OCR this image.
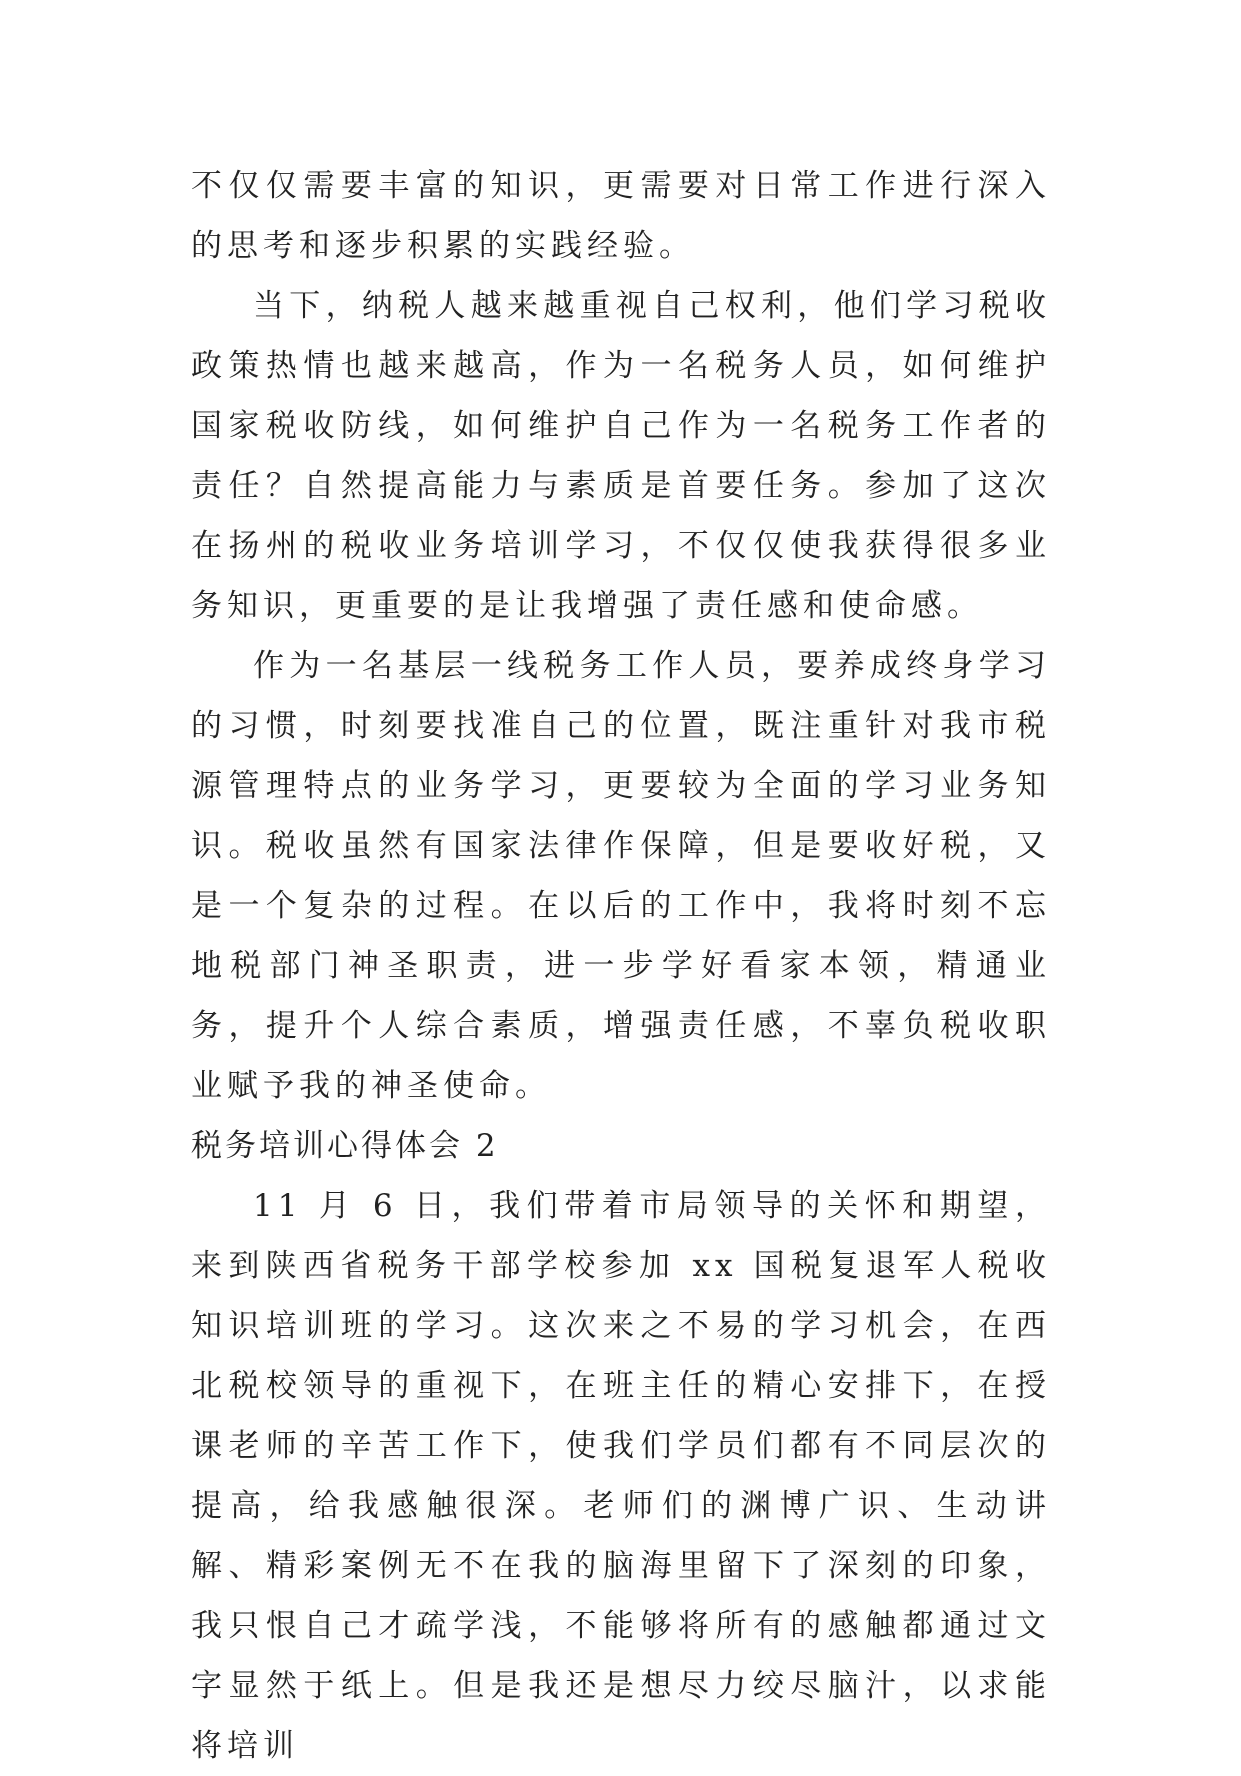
不仅仅需要丰富的知识，更需要对日常工作进行深入的思考和逐步积累的实践经验。

当下，纳税人越来越重视自己权利，他们学习税收政策热情也越来越高，作为一名税务人员，如何维护国家税收防线，如何维护自己作为一名税务工作者的责任？自然提高能力与素质是首要任务。参加了这次在扬州的税收业务培训学习，不仅仅使我获得很多业务知识，更重要的是让我增强了责任感和使命感。

作为一名基层一线税务工作人员，要养成终身学习的习惯，时刻要找准自己的位置，既注重针对我市税源管理特点的业务学习，更要较为全面的学习业务知识。税收虽然有国家法律作保障，但是要收好税，又是一个复杂的过程。在以后的工作中，我将时刻不忘地税部门神圣职责，进一步学好看家本领，精通业务，提升个人综合素质，增强责任感，不辜负税收职业赋予我的神圣使命。

税务培训心得体会 2

11 月 6 日，我们带着市局领导的关怀和期望，来到陕西省税务干部学校参加 xx 国税复退军人税收知识培训班的学习。这次来之不易的学习机会，在西北税校领导的重视下，在班主任的精心安排下，在授课老师的辛苦工作下，使我们学员们都有不同层次的提高，给我感触很深。老师们的渊博广识、生动讲解、精彩案例无不在我的脑海里留下了深刻的印象，我只恨自己才疏学浅，不能够将所有的感触都通过文字显然于纸上。但是我还是想尽力绞尽脑汁，以求能将培训
